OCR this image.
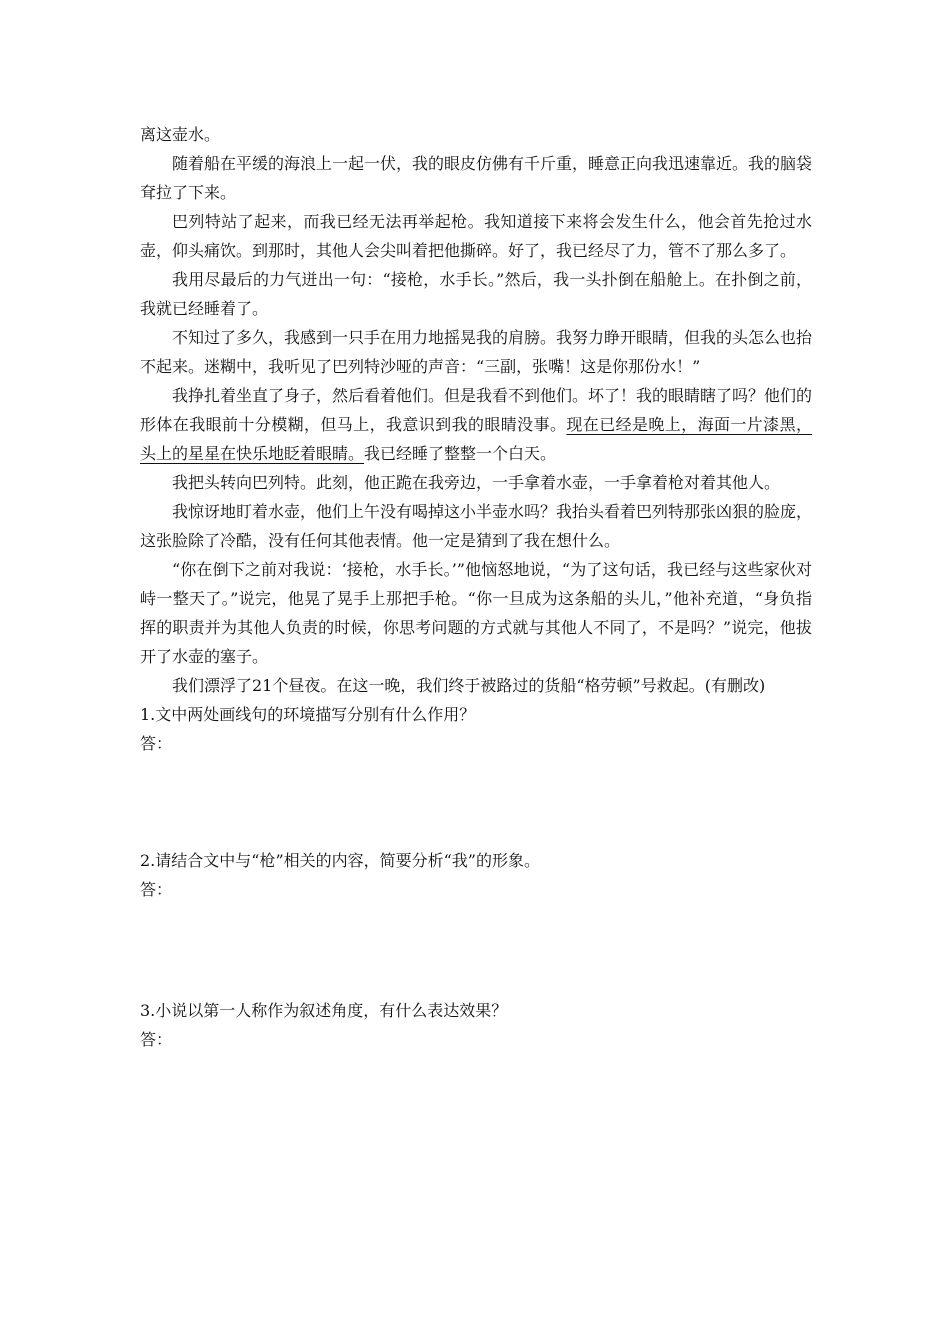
离这壶水。

随着船在平缓的海浪上一起一伏，我的眼皮仿佛有千斤重，睡意正向我迅速靠近。我的脑袋耷拉了下来。

巴列特站了起来，而我已经无法再举起枪。我知道接下来将会发生什么，他会首先抢过水壶，仰头痛饮。到那时，其他人会尖叫着把他撕碎。好了，我已经尽了力，管不了那么多了。

我用尽最后的力气迸出一句：“接枪，水手长。”然后，我一头扑倒在船舱上。在扑倒之前，我就已经睡着了。

不知过了多久，我感到一只手在用力地摇晃我的肩膀。我努力睁开眼睛，但我的头怎么也抬不起来。迷糊中，我听见了巴列特沙哑的声音：“三副，张嘴！这是你那份水！”

我挣扎着坐直了身子，然后看着他们。但是我看不到他们。坏了！我的眼睛瞎了吗？他们的形体在我眼前十分模糊，但马上，我意识到我的眼睛没事。现在已经是晚上，海面一片漆黑，头上的星星在快乐地眨着眼睛。我已经睡了整整一个白天。

我把头转向巴列特。此刻，他正跪在我旁边，一手拿着水壶，一手拿着枪对着其他人。

我惊讶地盯着水壶，他们上午没有喝掉这小半壶水吗？我抬头看着巴列特那张凶狠的脸庞，这张脸除了冷酷，没有任何其他表情。他一定是猜到了我在想什么。

“你在倒下之前对我说：‘接枪，水手长。’”他恼怒地说，“为了这句话，我已经与这些家伙对峙一整天了。”说完，他晃了晃手上那把手枪。“你一旦成为这条船的头儿，”他补充道，“身负指挥的职责并为其他人负责的时候，你思考问题的方式就与其他人不同了，不是吗？”说完，他拔开了水壶的塞子。

我们漂浮了21个昼夜。在这一晚，我们终于被路过的货船“格劳顿”号救起。(有删改)

1.文中两处画线句的环境描写分别有什么作用？

答：

2.请结合文中与“枪”相关的内容，简要分析“我”的形象。

答：

3.小说以第一人称作为叙述角度，有什么表达效果？

答：
